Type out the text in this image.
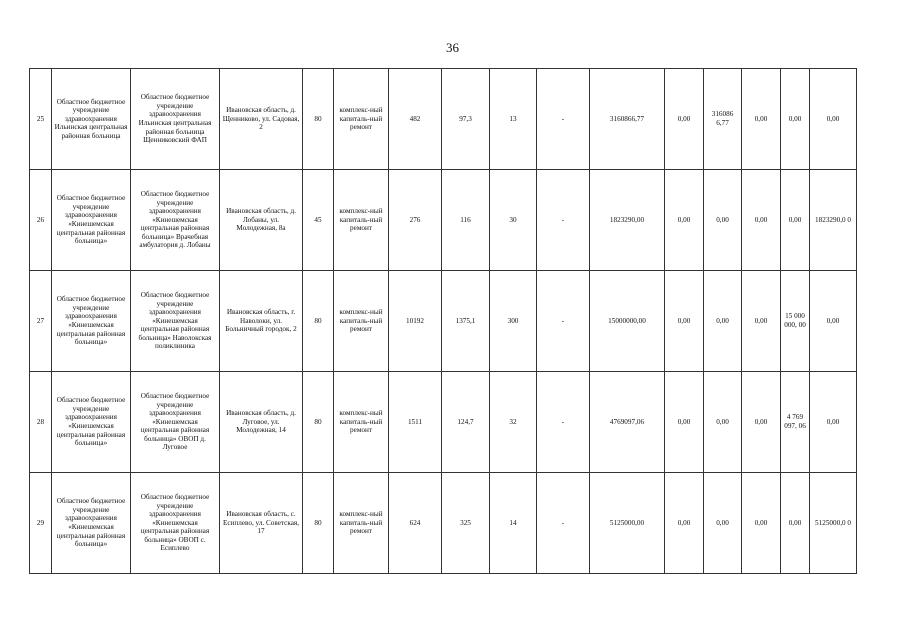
36
25	Областное бюджетное учреждение здравоохранения Ильинская центральная районная больница	Областное бюджетное учреждение здравоохранения Ильинская центральная районная больница Щенниковский ФАП	Ивановская область, д. Щенниково, ул. Садовая, 2	80	комплекс-ный капиталь-ный ремонт	482	97,3	13	-	3160866,77	0,00	316086 6,77	0,00	0,00	0,00
26	Областное бюджетное учреждение здравоохранения «Кинешемская центральная районная больница»	Областное бюджетное учреждение здравоохранения «Кинешемская центральная районная больница» Врачебная амбулатория д. Лобаны	Ивановская область, д. Лобаны, ул. Молодежная, 8а	45	комплекс-ный капиталь-ный ремонт	276	116	30	-	1823290,00	0,00	0,00	0,00	0,00	1823290,0 0
27	Областное бюджетное учреждение здравоохранения «Кинешемская центральная районная больница»	Областное бюджетное учреждение здравоохранения «Кинешемская центральная районная больница» Наволокская поликлиника	Ивановская область, г. Наволоки, ул. Больничный городок, 2	80	комплекс-ный капиталь-ный ремонт	10192	1375,1	300	-	15000000,00	0,00	0,00	0,00	15 000 000, 00	0,00
28	Областное бюджетное учреждение здравоохранения «Кинешемская центральная районная больница»	Областное бюджетное учреждение здравоохранения «Кинешемская центральная районная больница» ОВОП д. Луговое	Ивановская область, д. Луговое, ул. Молодежная, 14	80	комплекс-ный капиталь-ный ремонт	1511	124,7	32	-	4769097,06	0,00	0,00	0,00	4 769 097, 06	0,00
29	Областное бюджетное учреждение здравоохранения «Кинешемская центральная районная больница»	Областное бюджетное учреждение здравоохранения «Кинешемская центральная районная больница» ОВОП с. Есиплево	Ивановская область, с. Есиплево, ул. Советская, 17	80	комплекс-ный капиталь-ный ремонт	624	325	14	-	5125000,00	0,00	0,00	0,00	0,00	5125000,0 0
